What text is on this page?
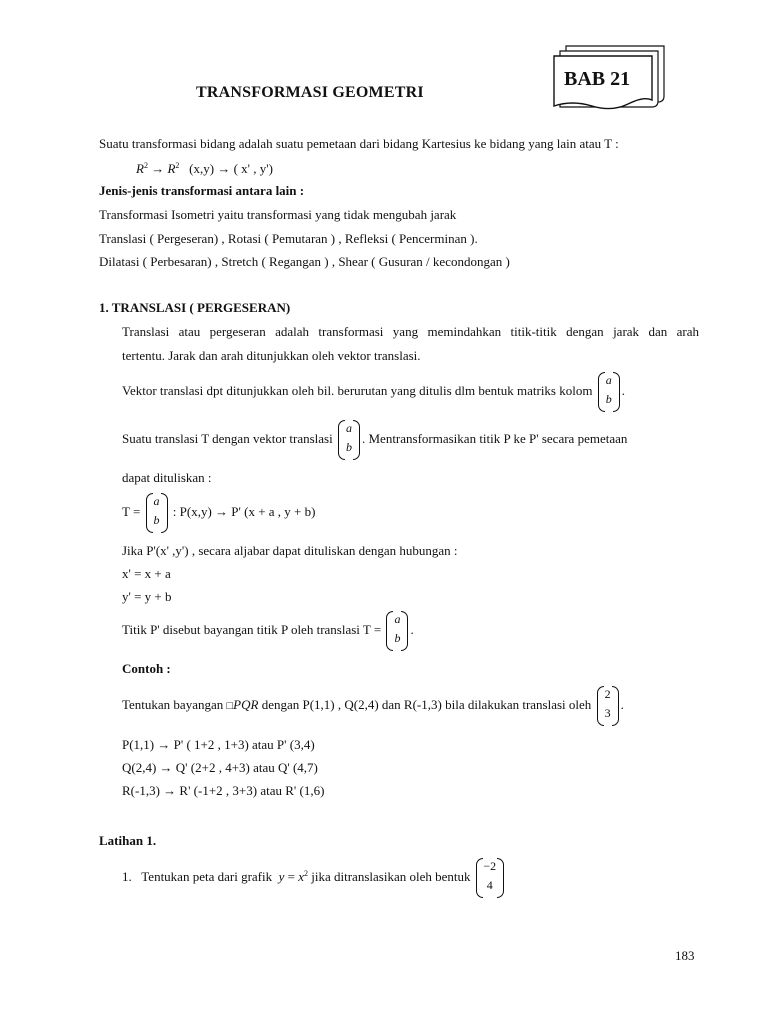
TRANSFORMASI GEOMETRI
BAB 21
Suatu transformasi bidang adalah suatu pemetaan dari bidang Kartesius ke bidang yang lain atau T :
$R^2 \to R^2$ (x,y) → ( x' , y')
Jenis-jenis transformasi antara lain :
Transformasi Isometri yaitu transformasi yang tidak mengubah jarak
Translasi ( Pergeseran) , Rotasi ( Pemutaran ) , Refleksi ( Pencerminan ).
Dilatasi ( Perbesaran) , Stretch ( Regangan ) , Shear ( Gusuran / kecondongan )
1. TRANSLASI ( PERGESERAN)
Translasi atau pergeseran adalah transformasi yang memindahkan titik-titik dengan jarak dan arah
tertentu. Jarak dan arah ditunjukkan oleh vektor translasi.
Vektor translasi dpt ditunjukkan oleh bil. berurutan yang ditulis dlm bentuk matriks kolom
a
b
.
Suatu translasi T dengan vektor translasi
a
b
. Mentransformasikan titik P ke P' secara pemetaan
dapat dituliskan :
T =
a
b
: P(x,y) → P' (x + a , y + b)
Jika P'(x' ,y') , secara aljabar dapat dituliskan dengan hubungan :
x' = x + a
y' = y + b
Titik P' disebut bayangan titik P oleh translasi T =
a
b
.
Contoh :
Tentukan bayangan □PQR dengan P(1,1) , Q(2,4) dan R(-1,3) bila dilakukan translasi oleh
2
3
.
P(1,1) → P' ( 1+2 , 1+3) atau P' (3,4)
Q(2,4) → Q' (2+2 , 4+3) atau Q' (4,7)
R(-1,3) → R' (-1+2 , 3+3) atau R' (1,6)
Latihan 1.
1. Tentukan peta dari grafik $y = x^2$ jika ditranslasikan oleh bentuk
−2
4
183
